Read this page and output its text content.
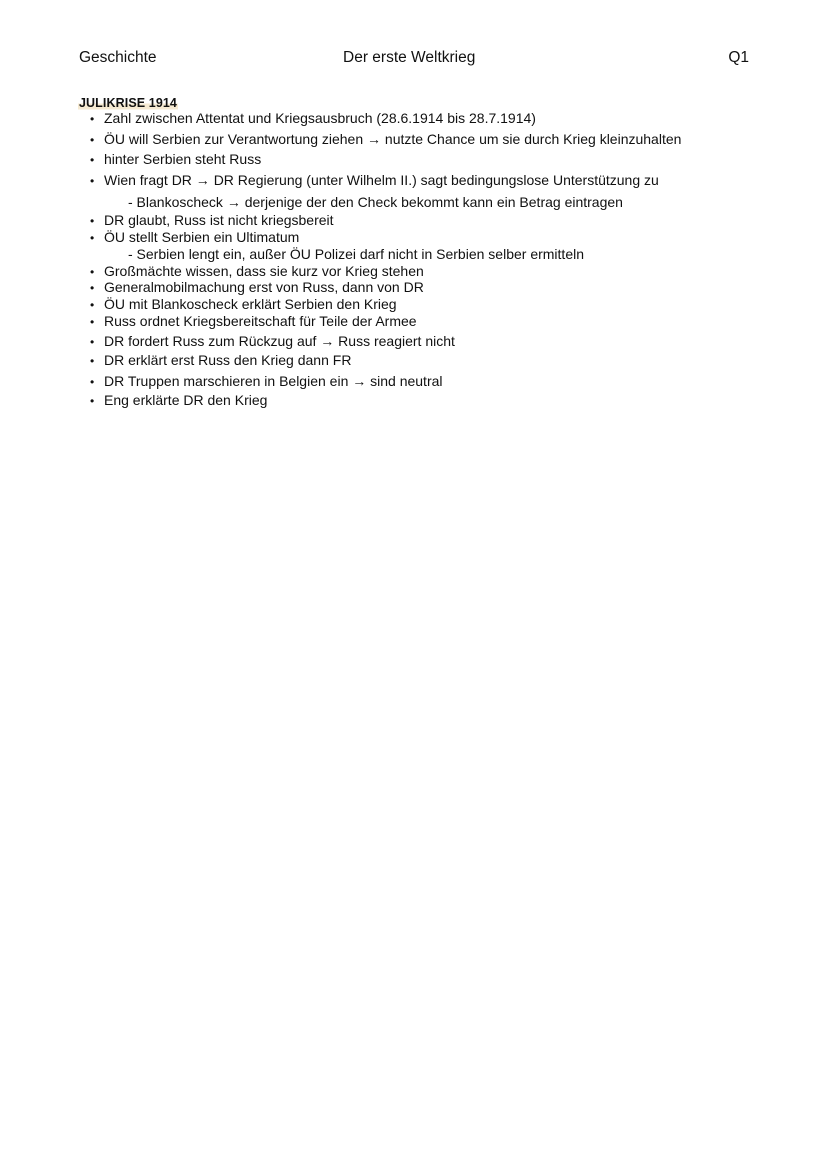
Geschichte	Der erste Weltkrieg	Q1
JULIKRISE 1914
• Zahl zwischen Attentat und Kriegsausbruch (28.6.1914 bis 28.7.1914)
• ÖU will Serbien zur Verantwortung ziehen → nutzte Chance um sie durch Krieg kleinzuhalten
• hinter Serbien steht Russ
• Wien fragt DR → DR Regierung (unter Wilhelm II.) sagt bedingungslose Unterstützung zu
- Blankoscheck → derjenige der den Check bekommt kann ein Betrag eintragen
• DR glaubt, Russ ist nicht kriegsbereit
• ÖU stellt Serbien ein Ultimatum
- Serbien lengt ein, außer ÖU Polizei darf nicht in Serbien selber ermitteln
• Großmächte wissen, dass sie kurz vor Krieg stehen
• Generalmobilmachung erst von Russ, dann von DR
• ÖU mit Blankoscheck erklärt Serbien den Krieg
• Russ ordnet Kriegsbereitschaft für Teile der Armee
• DR fordert Russ zum Rückzug auf → Russ reagiert nicht
• DR erklärt erst Russ den Krieg dann FR
• DR Truppen marschieren in Belgien ein → sind neutral
• Eng erklärte DR den Krieg
